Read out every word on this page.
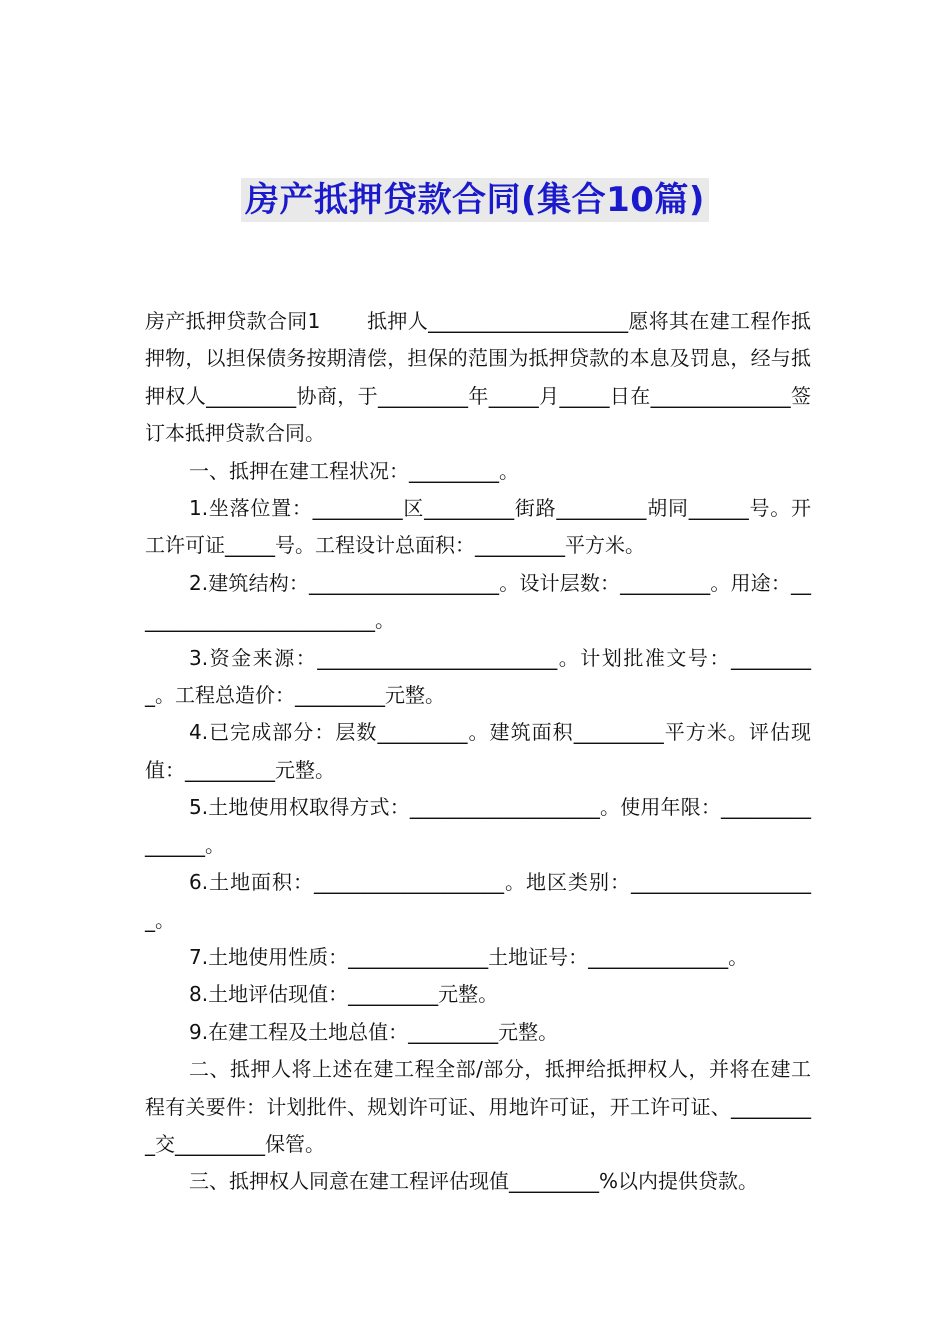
房产抵押贷款合同(集合10篇)

房产抵押贷款合同1       抵押人____________________愿将其在建工程作抵押物，以担保债务按期清偿，担保的范围为抵押贷款的本息及罚息，经与抵押权人_________协商，于_________年_____月_____日在______________签订本抵押贷款合同。

一、抵押在建工程状况：_________。

1.坐落位置：_________区_________街路_________胡同______号。开工许可证_____号。工程设计总面积：_________平方米。

2.建筑结构：___________________。设计层数：_________。用途：_________________________。

3.资金来源：________________________。计划批准文号：_________。工程总造价：_________元整。

4.已完成部分：层数_________。建筑面积_________平方米。评估现值：_________元整。

5.土地使用权取得方式：___________________。使用年限：_______________。

6.土地面积：___________________。地区类别：___________________。

7.土地使用性质：______________土地证号：______________。

8.土地评估现值：_________元整。

9.在建工程及土地总值：_________元整。

二、抵押人将上述在建工程全部/部分，抵押给抵押权人，并将在建工程有关要件：计划批件、规划许可证、用地许可证，开工许可证、_________交_________保管。

三、抵押权人同意在建工程评估现值_________%以内提供贷款。
